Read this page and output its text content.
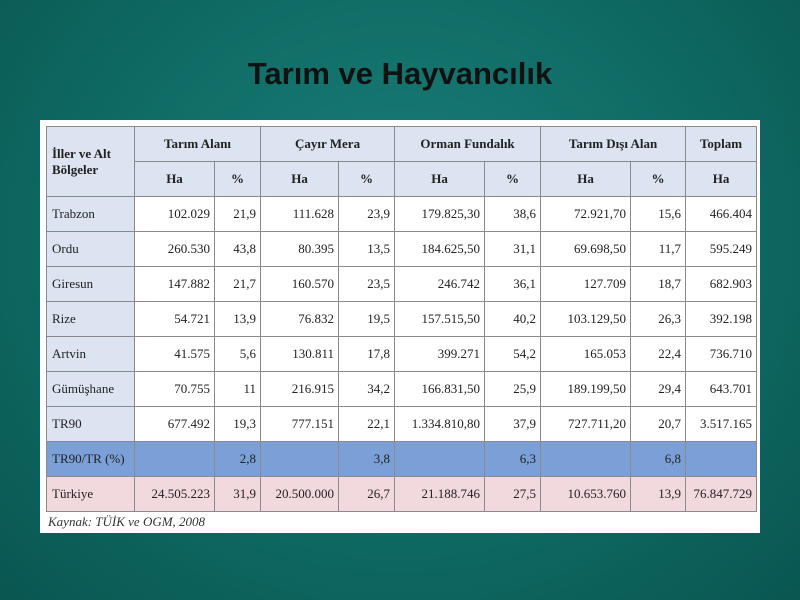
Tarım ve Hayvancılık
İller ve Alt Bölgeler	Tarım Alanı		Çayır Mera		Orman Fundalık		Tarım Dışı Alan		Toplam
	Ha	%	Ha	%	Ha	%	Ha	%	Ha
Trabzon	102.029	21,9	111.628	23,9	179.825,30	38,6	72.921,70	15,6	466.404
Ordu	260.530	43,8	80.395	13,5	184.625,50	31,1	69.698,50	11,7	595.249
Giresun	147.882	21,7	160.570	23,5	246.742	36,1	127.709	18,7	682.903
Rize	54.721	13,9	76.832	19,5	157.515,50	40,2	103.129,50	26,3	392.198
Artvin	41.575	5,6	130.811	17,8	399.271	54,2	165.053	22,4	736.710
Gümüşhane	70.755	11	216.915	34,2	166.831,50	25,9	189.199,50	29,4	643.701
TR90	677.492	19,3	777.151	22,1	1.334.810,80	37,9	727.711,20	20,7	3.517.165
TR90/TR (%)		2,8		3,8		6,3		6,8	
Türkiye	24.505.223	31,9	20.500.000	26,7	21.188.746	27,5	10.653.760	13,9	76.847.729
Kaynak: TÜİK ve OGM, 2008
